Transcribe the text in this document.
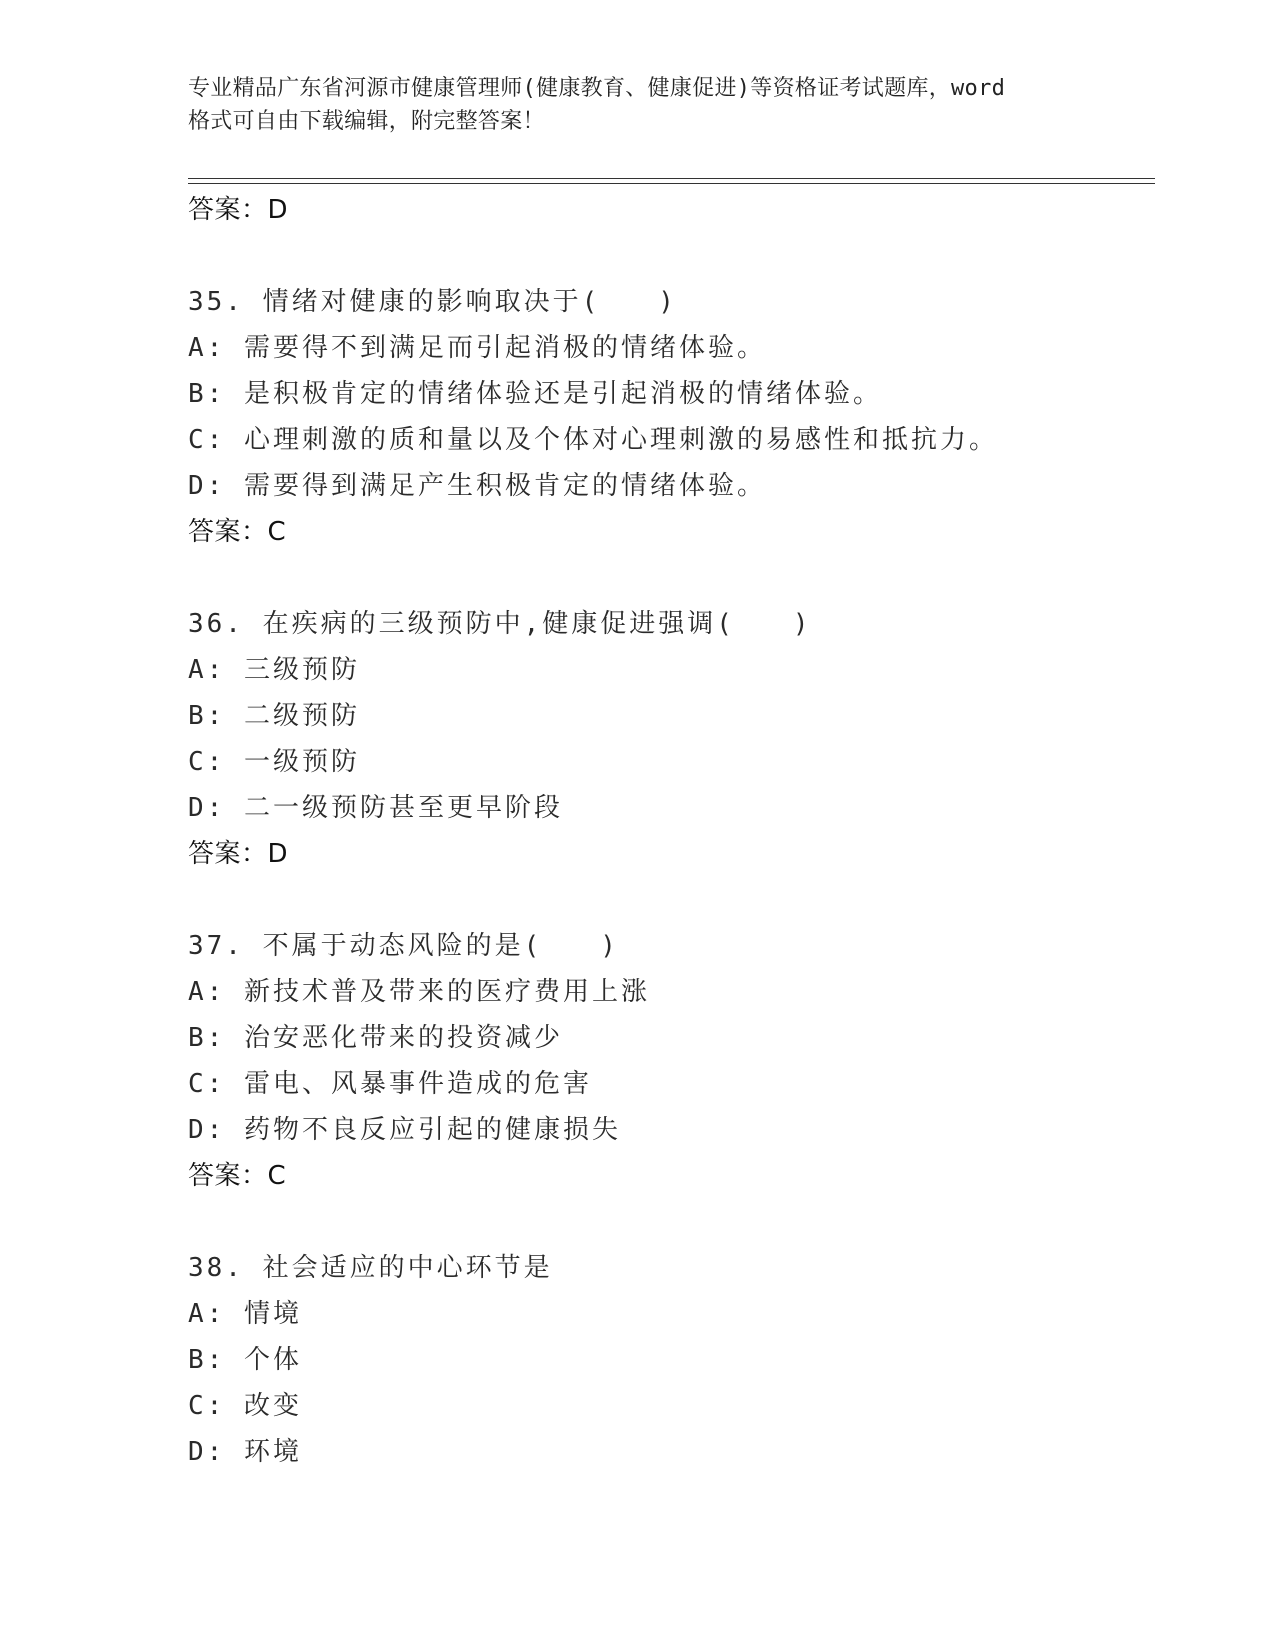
专业精品广东省河源市健康管理师(健康教育、健康促进)等资格证考试题库，word
格式可自由下载编辑，附完整答案！
答案：D
35. 情绪对健康的影响取决于(　　)
A: 需要得不到满足而引起消极的情绪体验。
B: 是积极肯定的情绪体验还是引起消极的情绪体验。
C: 心理刺激的质和量以及个体对心理刺激的易感性和抵抗力。
D: 需要得到满足产生积极肯定的情绪体验。
答案：C
36. 在疾病的三级预防中,健康促进强调(　　)
A: 三级预防
B: 二级预防
C: 一级预防
D: 二一级预防甚至更早阶段
答案：D
37. 不属于动态风险的是(　　)
A: 新技术普及带来的医疗费用上涨
B: 治安恶化带来的投资减少
C: 雷电、风暴事件造成的危害
D: 药物不良反应引起的健康损失
答案：C
38. 社会适应的中心环节是
A: 情境
B: 个体
C: 改变
D: 环境
